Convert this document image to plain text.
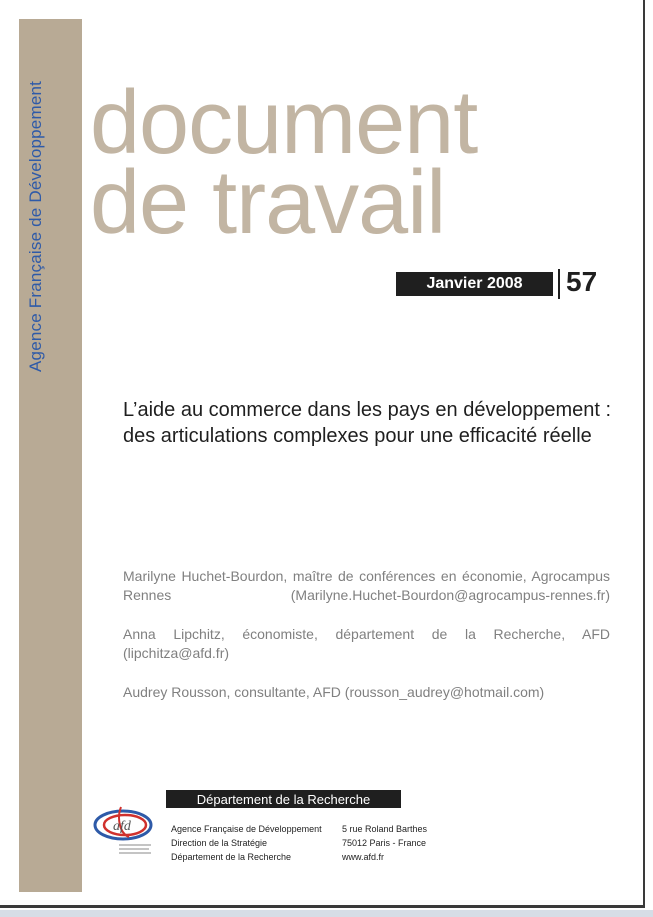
Agence Française de Développement document
de travail
Janvier 2008	57
L’aide au commerce dans les pays en développement : des articulations complexes pour une efficacité réelle
Marilyne Huchet-Bourdon, maître de conférences en économie, Agrocampus Rennes (Marilyne.Huchet-Bourdon@agrocampus-rennes.fr)
Anna Lipchitz, économiste, département de la Recherche, AFD (lipchitza@afd.fr)
Audrey Rousson, consultante, AFD (rousson_audrey@hotmail.com)
Département de la Recherche
afd	Agence Française de Développement
Direction de la Stratégie
Département de la Recherche
5 rue Roland Barthes
75012 Paris - France
www.afd.fr
